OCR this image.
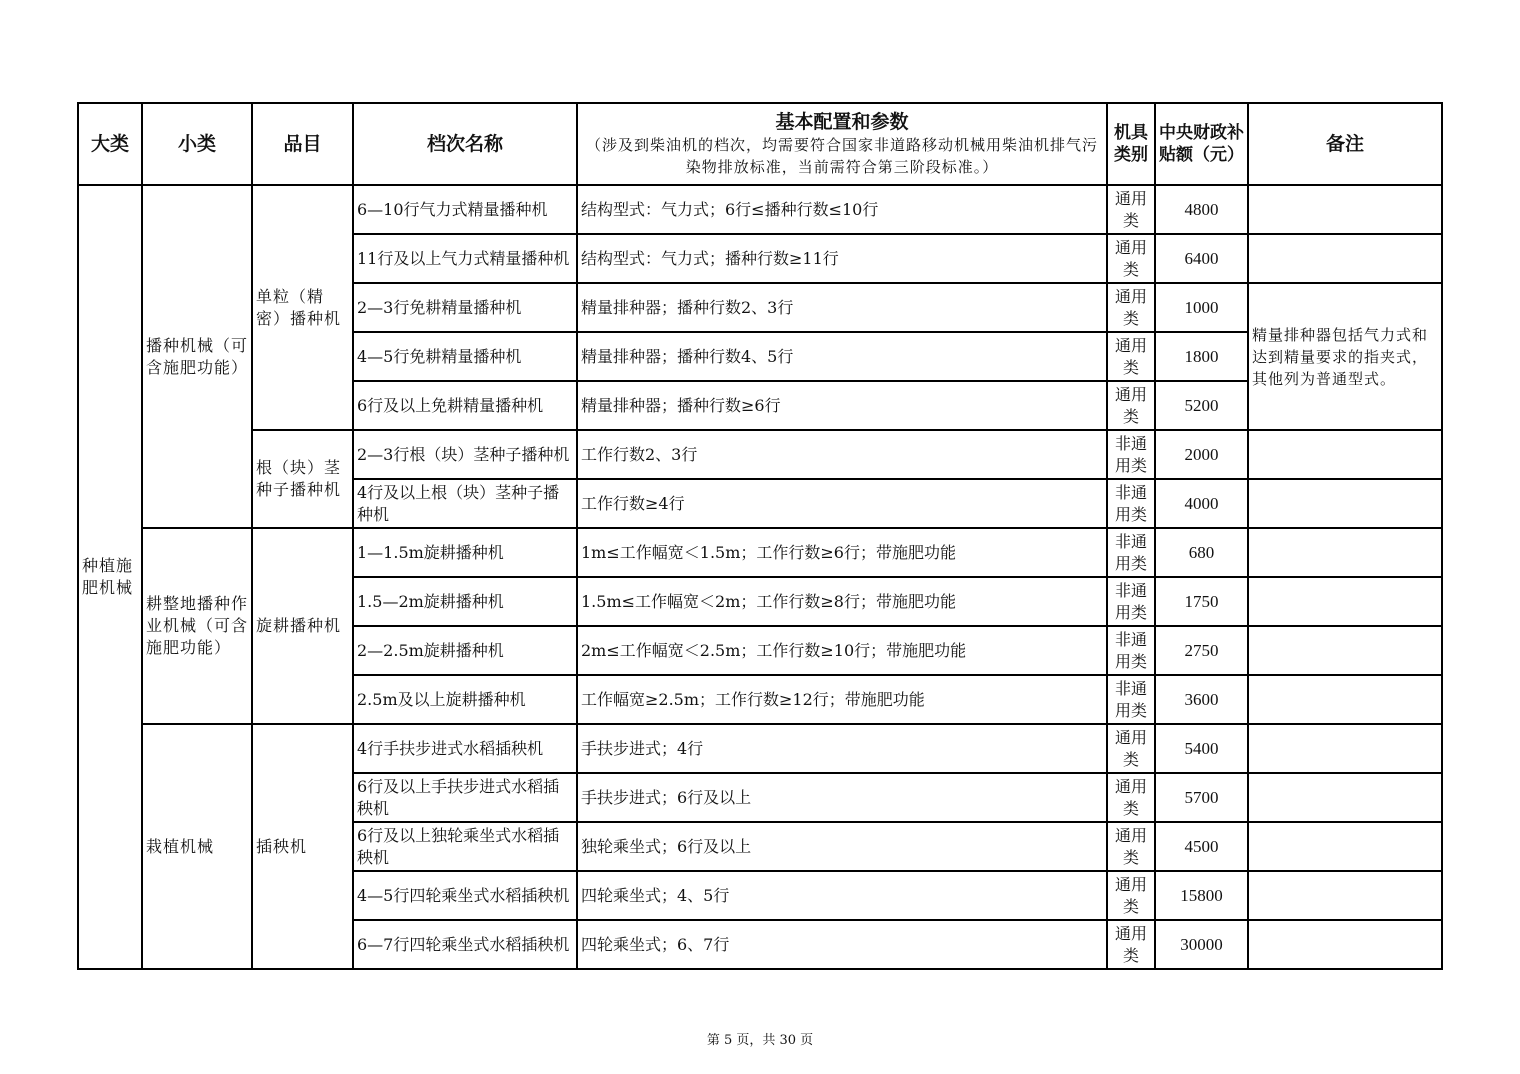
大类	小类	品目	档次名称	基本配置和参数
（涉及到柴油机的档次，均需要符合国家非道路移动机械用柴油机排气污染物排放标准，当前需符合第三阶段标准。）	机具类别	中央财政补贴额（元）	备注
种植施肥机械	播种机械（可含施肥功能）	单粒（精密）播种机	6—10行气力式精量播种机	结构型式：气力式；6行≤播种行数≤10行	通用类	4800	
			11行及以上气力式精量播种机	结构型式：气力式；播种行数≥11行	通用类	6400	
			2—3行免耕精量播种机	精量排种器；播种行数2、3行	通用类	1000	精量排种器包括气力式和达到精量要求的指夹式，其他列为普通型式。
			4—5行免耕精量播种机	精量排种器；播种行数4、5行	通用类	1800	
			6行及以上免耕精量播种机	精量排种器；播种行数≥6行	通用类	5200	
		根（块）茎种子播种机	2—3行根（块）茎种子播种机	工作行数2、3行	非通用类	2000	
			4行及以上根（块）茎种子播种机	工作行数≥4行	非通用类	4000	
	耕整地播种作业机械（可含施肥功能）	旋耕播种机	1—1.5m旋耕播种机	1m≤工作幅宽＜1.5m；工作行数≥6行；带施肥功能	非通用类	680	
			1.5—2m旋耕播种机	1.5m≤工作幅宽＜2m；工作行数≥8行；带施肥功能	非通用类	1750	
			2—2.5m旋耕播种机	2m≤工作幅宽＜2.5m；工作行数≥10行；带施肥功能	非通用类	2750	
			2.5m及以上旋耕播种机	工作幅宽≥2.5m；工作行数≥12行；带施肥功能	非通用类	3600	
	栽植机械	插秧机	4行手扶步进式水稻插秧机	手扶步进式；4行	通用类	5400	
			6行及以上手扶步进式水稻插秧机	手扶步进式；6行及以上	通用类	5700	
			6行及以上独轮乘坐式水稻插秧机	独轮乘坐式；6行及以上	通用类	4500	
			4—5行四轮乘坐式水稻插秧机	四轮乘坐式；4、5行	通用类	15800	
			6—7行四轮乘坐式水稻插秧机	四轮乘坐式；6、7行	通用类	30000	
第 5 页，共 30 页
